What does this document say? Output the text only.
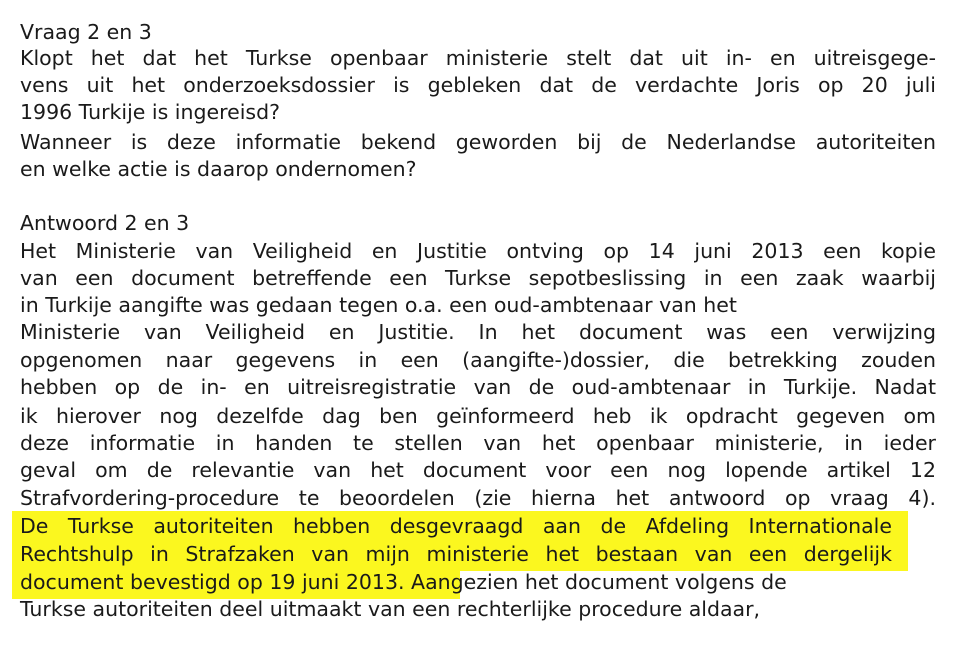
Vraag 2 en 3
Klopt het dat het Turkse openbaar ministerie stelt dat uit in- en uitreisgege-
vens uit het onderzoeksdossier is gebleken dat de verdachte Joris op 20 juli
1996 Turkije is ingereisd?
Wanneer is deze informatie bekend geworden bij de Nederlandse autoriteiten
en welke actie is daarop ondernomen?
Antwoord 2 en 3
Het Ministerie van Veiligheid en Justitie ontving op 14 juni 2013 een kopie
van een document betreffende een Turkse sepotbeslissing in een zaak waarbij
in Turkije aangifte was gedaan tegen o.a. een oud-ambtenaar van het
Ministerie van Veiligheid en Justitie. In het document was een verwijzing
opgenomen naar gegevens in een (aangifte-)dossier, die betrekking zouden
hebben op de in- en uitreisregistratie van de oud-ambtenaar in Turkije. Nadat
ik hierover nog dezelfde dag ben geïnformeerd heb ik opdracht gegeven om
deze informatie in handen te stellen van het openbaar ministerie, in ieder
geval om de relevantie van het document voor een nog lopende artikel 12
Strafvordering-procedure te beoordelen (zie hierna het antwoord op vraag 4).
De Turkse autoriteiten hebben desgevraagd aan de Afdeling Internationale
Rechtshulp in Strafzaken van mijn ministerie het bestaan van een dergelijk
document bevestigd op 19 juni 2013. Aangezien het document volgens de
Turkse autoriteiten deel uitmaakt van een rechterlijke procedure aldaar,
